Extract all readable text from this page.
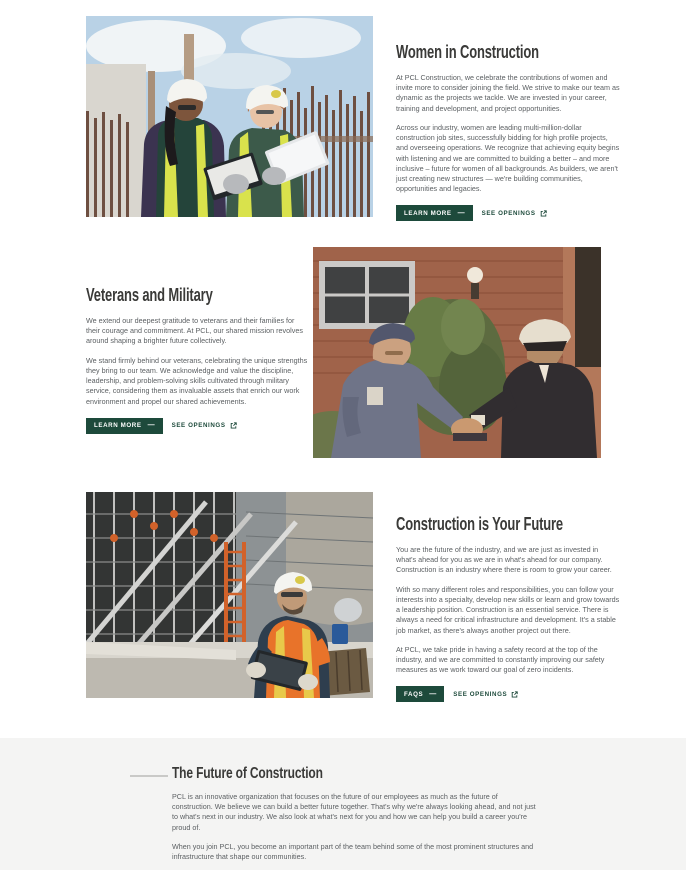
Women in Construction

At PCL Construction, we celebrate the contributions of women and invite more to consider joining the field. We strive to make our team as dynamic as the projects we tackle. We are invested in your career, training and development, and project opportunities.

Across our industry, women are leading multi-million-dollar construction job sites, successfully bidding for high profile projects, and overseeing operations. We recognize that achieving equity begins with listening and we are committed to building a better – and more inclusive – future for women of all backgrounds. As builders, we aren't just creating new structures — we're building communities, opportunities and legacies.

LEARN MORE —	SEE OPENINGS
Veterans and Military

We extend our deepest gratitude to veterans and their families for their courage and commitment. At PCL, our shared mission revolves around shaping a brighter future collectively.

We stand firmly behind our veterans, celebrating the unique strengths they bring to our team. We acknowledge and value the discipline, leadership, and problem-solving skills cultivated through military service, considering them as invaluable assets that enrich our work environment and propel our shared achievements.

LEARN MORE —	SEE OPENINGS
Construction is Your Future

You are the future of the industry, and we are just as invested in what's ahead for you as we are in what's ahead for our company. Construction is an industry where there is room to grow your career.

With so many different roles and responsibilities, you can follow your interests into a specialty, develop new skills or learn and grow towards a leadership position. Construction is an essential service. There is always a need for critical infrastructure and development. It's a stable job market, as there's always another project out there.

At PCL, we take pride in having a safety record at the top of the industry, and we are committed to constantly improving our safety measures as we work toward our goal of zero incidents.

FAQS —	SEE OPENINGS
The Future of Construction

PCL is an innovative organization that focuses on the future of our employees as much as the future of construction. We believe we can build a better future together. That's why we're always looking ahead, and not just to what's next in our industry. We also look at what's next for you and how we can help you build a career you're proud of.

When you join PCL, you become an important part of the team behind some of the most prominent structures and infrastructure that shape our communities.
